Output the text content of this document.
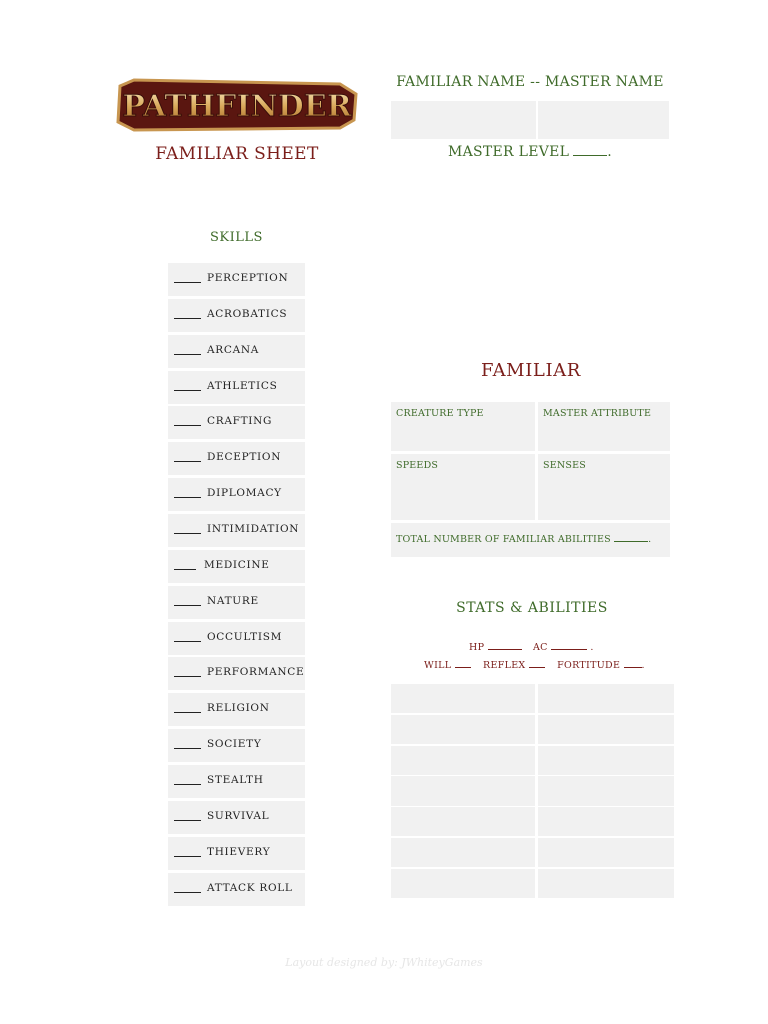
PATHFINDER
FAMILIAR SHEET
FAMILIAR NAME -- MASTER NAME
MASTER LEVEL	.
SKILLS
PERCEPTION
ACROBATICS
ARCANA
ATHLETICS
CRAFTING
DECEPTION
DIPLOMACY
INTIMIDATION
MEDICINE
NATURE
OCCULTISM
PERFORMANCE
RELIGION
SOCIETY
STEALTH
SURVIVAL
THIEVERY
ATTACK ROLL
FAMILIAR
CREATURE TYPE	MASTER ATTRIBUTE
SPEEDS	SENSES
TOTAL NUMBER OF FAMILIAR ABILITIES	.
STATS & ABILITIES
HP	AC	.
WILL	REFLEX	FORTITUDE .
Layout designed by: JWhiteyGames
